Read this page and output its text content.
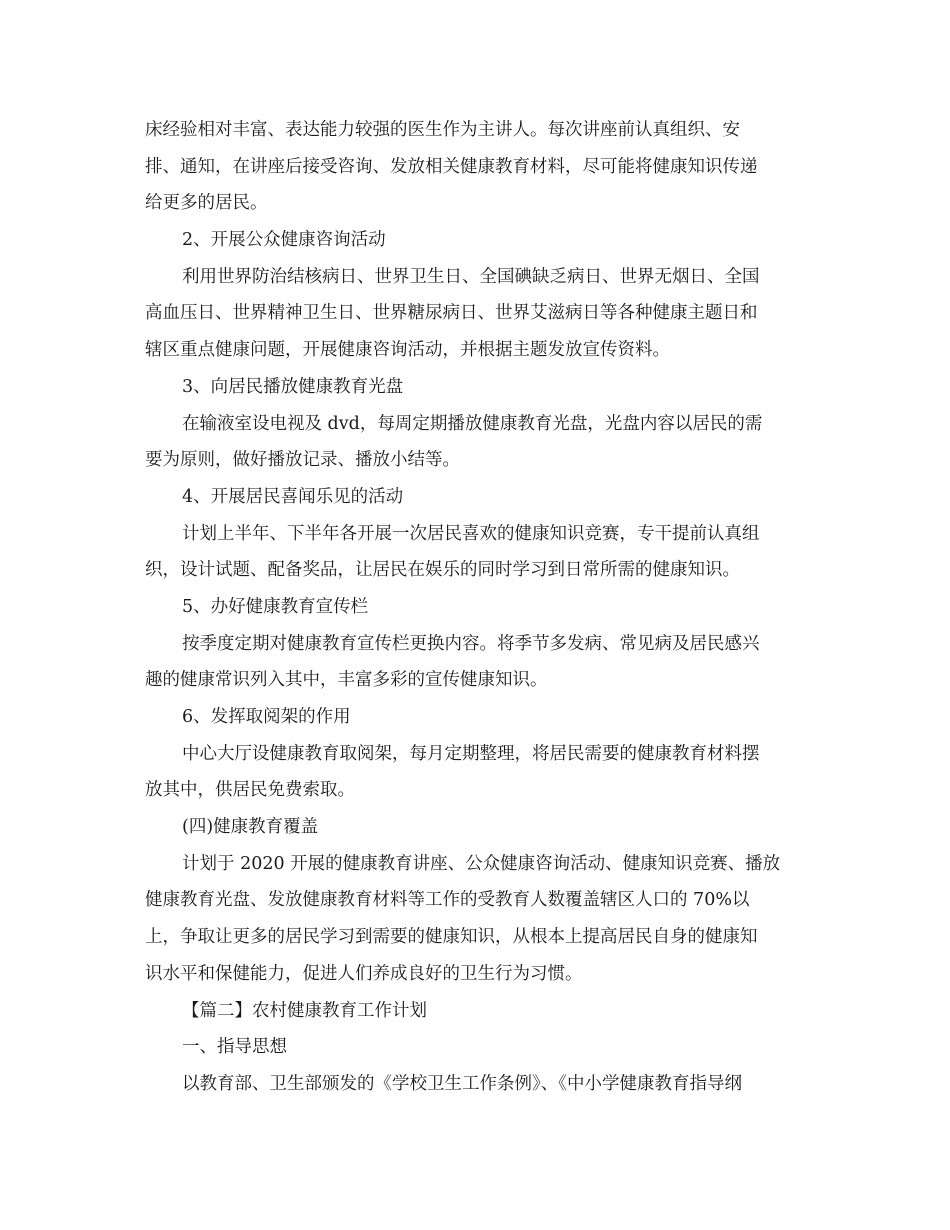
床经验相对丰富、表达能力较强的医生作为主讲人。每次讲座前认真组织、安
排、通知，在讲座后接受咨询、发放相关健康教育材料，尽可能将健康知识传递
给更多的居民。
2、开展公众健康咨询活动
利用世界防治结核病日、世界卫生日、全国碘缺乏病日、世界无烟日、全国
高血压日、世界精神卫生日、世界糖尿病日、世界艾滋病日等各种健康主题日和
辖区重点健康问题，开展健康咨询活动，并根据主题发放宣传资料。
3、向居民播放健康教育光盘
在输液室设电视及 dvd，每周定期播放健康教育光盘，光盘内容以居民的需
要为原则，做好播放记录、播放小结等。
4、开展居民喜闻乐见的活动
计划上半年、下半年各开展一次居民喜欢的健康知识竞赛，专干提前认真组
织，设计试题、配备奖品，让居民在娱乐的同时学习到日常所需的健康知识。
5、办好健康教育宣传栏
按季度定期对健康教育宣传栏更换内容。将季节多发病、常见病及居民感兴
趣的健康常识列入其中，丰富多彩的宣传健康知识。
6、发挥取阅架的作用
中心大厅设健康教育取阅架，每月定期整理，将居民需要的健康教育材料摆
放其中，供居民免费索取。
(四)健康教育覆盖
计划于 2020 开展的健康教育讲座、公众健康咨询活动、健康知识竞赛、播放
健康教育光盘、发放健康教育材料等工作的受教育人数覆盖辖区人口的 70%以
上，争取让更多的居民学习到需要的健康知识，从根本上提高居民自身的健康知
识水平和保健能力，促进人们养成良好的卫生行为习惯。
【篇二】农村健康教育工作计划
一、指导思想
以教育部、卫生部颁发的《学校卫生工作条例》、《中小学健康教育指导纲
